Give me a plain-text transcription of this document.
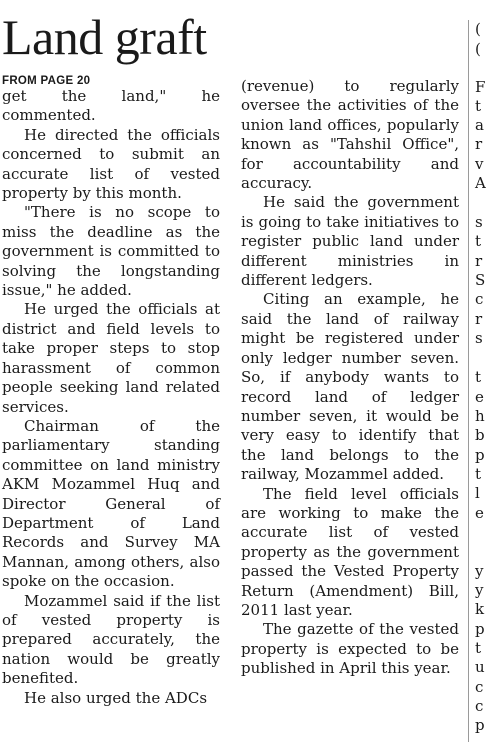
Land graft
FROM PAGE 20

get the land," he commented.

He directed the officials concerned to submit an accurate list of vested property by this month.

"There is no scope to miss the deadline as the government is committed to solving the longstanding issue," he added.

He urged the officials at district and field levels to take proper steps to stop harassment of common people seeking land related services.

Chairman of the parliamentary standing committee on land ministry AKM Mozammel Huq and Director General of Department of Land Records and Survey MA Mannan, among others, also spoke on the occasion.

Mozammel said if the list of vested property is prepared accurately, the nation would be greatly benefited.

He also urged the ADCs

(revenue) to regularly oversee the activities of the union land offices, popularly known as "Tahshil Office", for accountability and accuracy.

He said the government is going to take initiatives to register public land under different ministries in different ledgers.

Citing an example, he said the land of railway might be registered under only ledger number seven. So, if anybody wants to record land of ledger number seven, it would be very easy to identify that the land belongs to the railway, Mozammel added.

The field level officials are working to make the accurate list of vested property as the government passed the Vested Property Return (Amendment) Bill, 2011 last year.

The gazette of the vested property is expected to be published in April this year.

(
(
F
t
a
r
v
A
s
t
r
S
c
r
s
t
e
h
b
p
t
l
e
y
y
k
p
t
u
c
c
p
